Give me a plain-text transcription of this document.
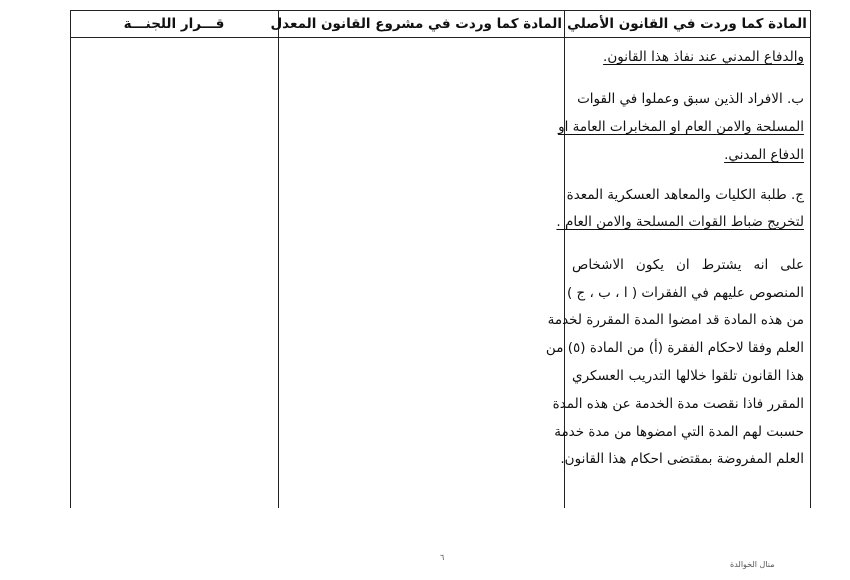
المادة كما وردت في القانون الأصلي
المادة كما وردت في مشروع القانون المعدل
قـــرار اللجنـــة
والدفاع المدني عند نفاذ هذا القانون.
ب. الافراد الذين سبق وعملوا في القوات
المسلحة والامن العام او المخابرات العامة او
الدفاع المدني.
ج. طلبة الكليات والمعاهد العسكرية المعدة
لتخريج ضباط القوات المسلحة والامن العام .
على انه يشترط ان يكون الاشخاص
المنصوص عليهم في الفقرات ( ا ، ب ، ج )
من هذه المادة قد امضوا المدة المقررة لخدمة
العلم وفقا لاحكام الفقرة (أ) من المادة (٥) من
هذا القانون تلقوا خلالها التدريب العسكري
المقرر فاذا نقصت مدة الخدمة عن هذه المدة
حسبت لهم المدة التي امضوها من مدة خدمة
العلم المفروضة بمقتضى احكام هذا القانون.
٦
منال الخوالدة
